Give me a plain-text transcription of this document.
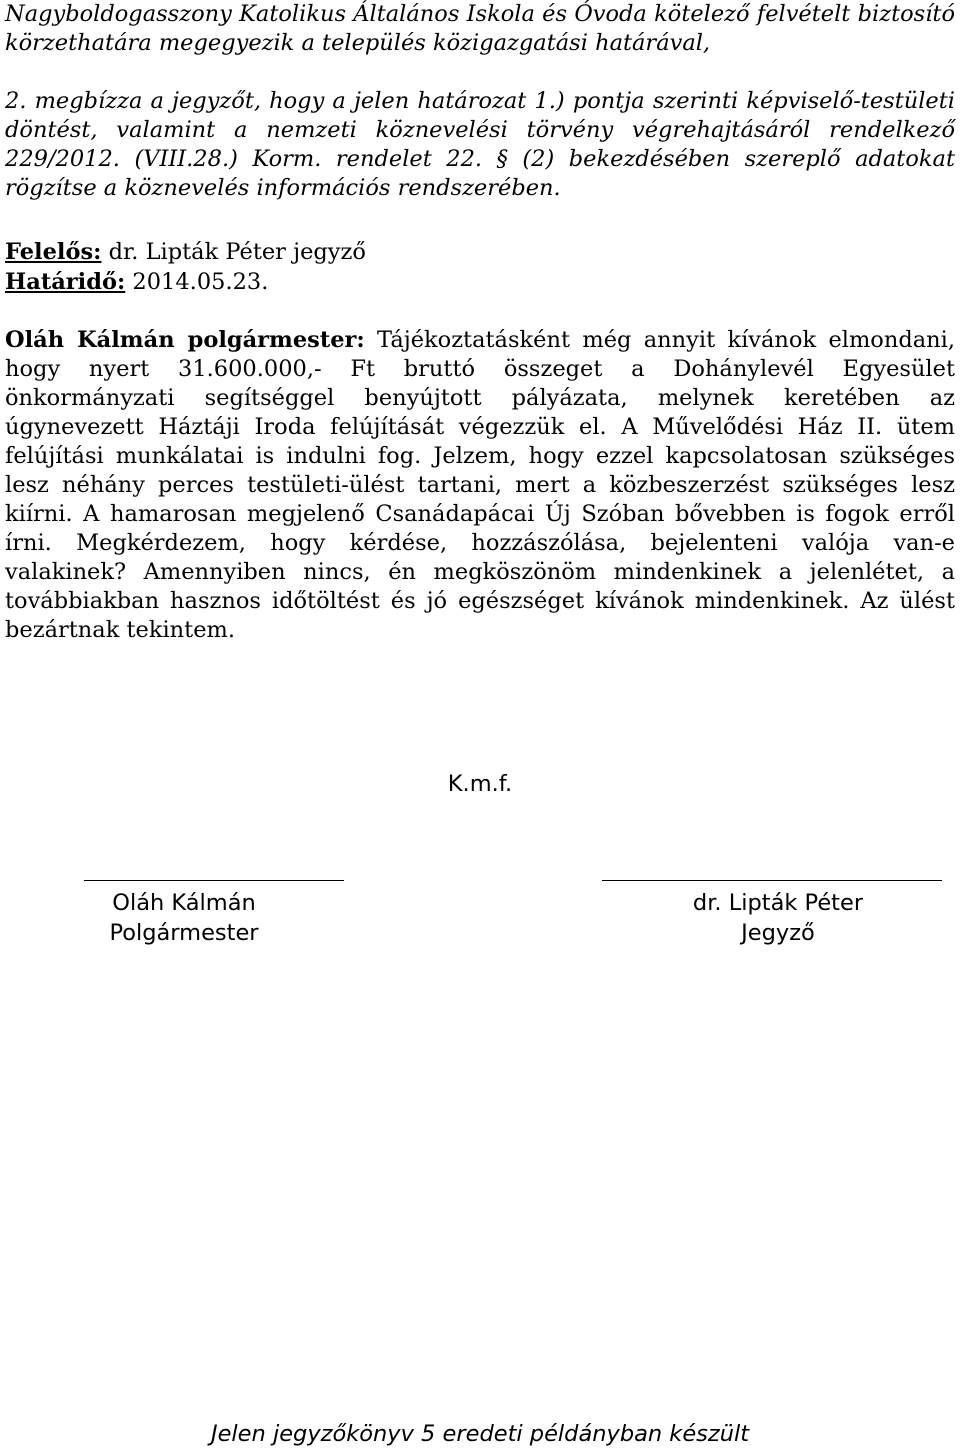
Nagyboldogasszony Katolikus Általános Iskola és Óvoda kötelező felvételt biztosító körzethatára megegyezik a település közigazgatási határával,

2. megbízza a jegyzőt, hogy a jelen határozat 1.) pontja szerinti képviselő-testületi döntést, valamint a nemzeti köznevelési törvény végrehajtásáról rendelkező 229/2012. (VIII.28.) Korm. rendelet 22. § (2) bekezdésében szereplő adatokat rögzítse a köznevelés információs rendszerében.

Felelős: dr. Lipták Péter jegyző

Határidő: 2014.05.23.

Oláh Kálmán polgármester: Tájékoztatásként még annyit kívánok elmondani, hogy nyert 31.600.000,- Ft bruttó összeget a Dohánylevél Egyesület önkormányzati segítséggel benyújtott pályázata, melynek keretében az úgynevezett Háztáji Iroda felújítását végezzük el. A Művelődési Ház II. ütem felújítási munkálatai is indulni fog. Jelzem, hogy ezzel kapcsolatosan szükséges lesz néhány perces testületi-ülést tartani, mert a közbeszerzést szükséges lesz kiírni. A hamarosan megjelenő Csanádapácai Új Szóban bővebben is fogok erről írni. Megkérdezem, hogy kérdése, hozzászólása, bejelenteni valója van-e valakinek? Amennyiben nincs, én megköszönöm mindenkinek a jelenlétet, a továbbiakban hasznos időtöltést és jó egészséget kívánok mindenkinek. Az ülést bezártnak tekintem.

K.m.f.
Oláh Kálmán
Polgármester
dr. Lipták Péter
Jegyző
Jelen jegyzőkönyv 5 eredeti példányban készült
